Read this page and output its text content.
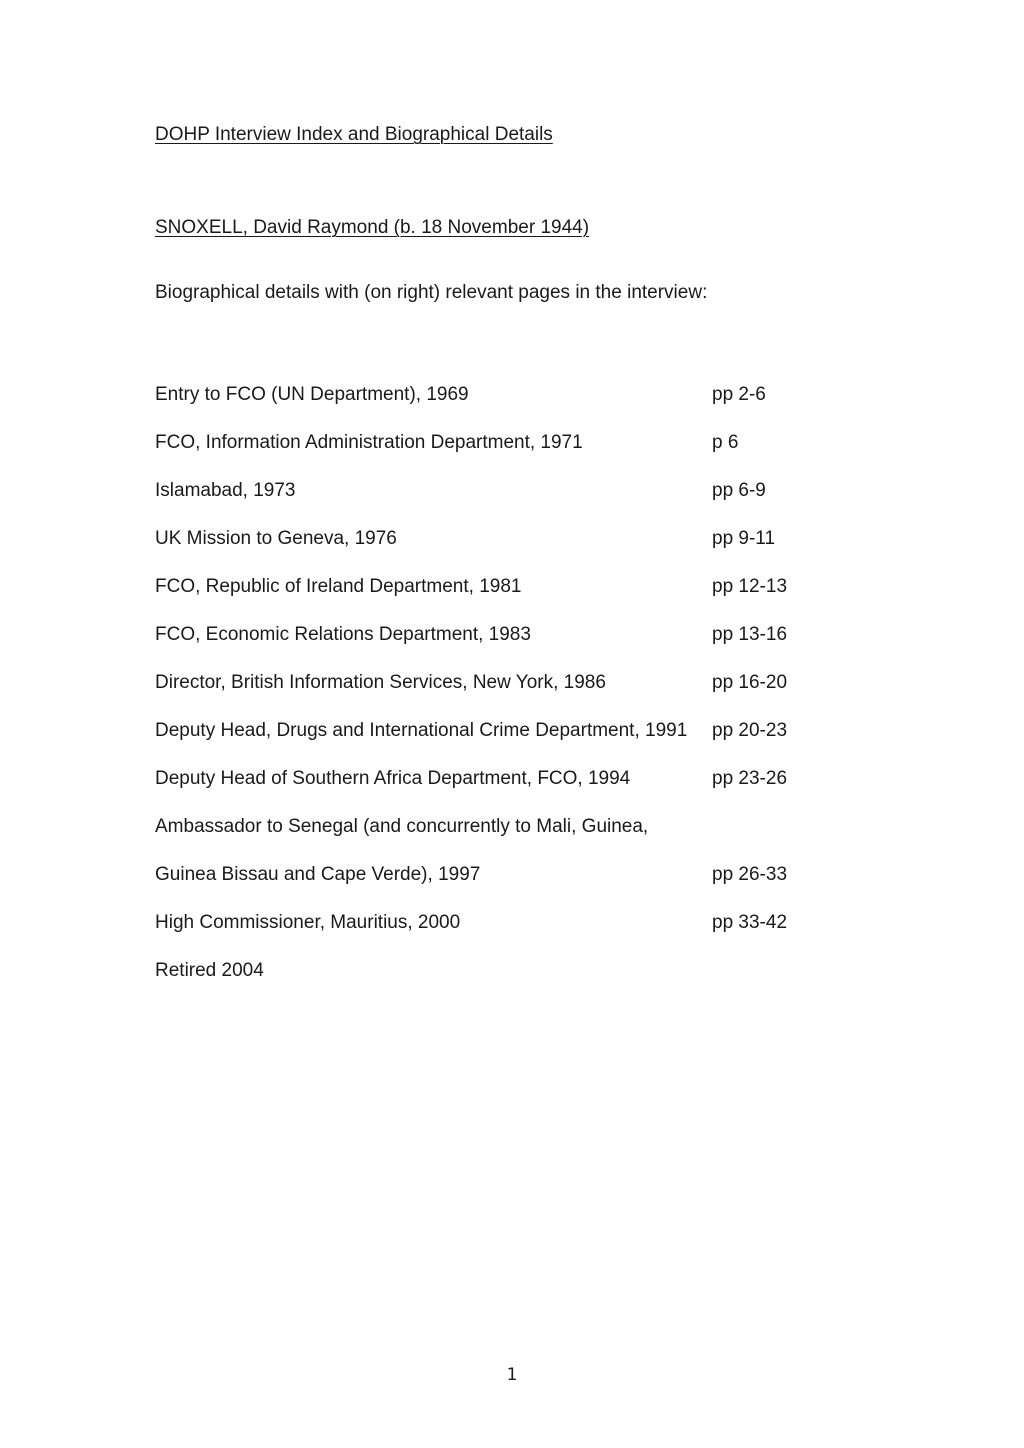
DOHP Interview Index and Biographical Details
SNOXELL, David Raymond (b. 18 November 1944)
Biographical details with (on right) relevant pages in the interview:
Entry to FCO (UN Department), 1969	pp 2-6
FCO, Information Administration Department, 1971	p 6
Islamabad, 1973	pp 6-9
UK Mission to Geneva, 1976	pp 9-11
FCO, Republic of Ireland Department, 1981	pp 12-13
FCO, Economic Relations Department, 1983	pp 13-16
Director, British Information Services, New York, 1986	pp 16-20
Deputy Head, Drugs and International Crime Department, 1991 pp 20-23
Deputy Head of Southern Africa Department, FCO, 1994	pp 23-26
Ambassador to Senegal (and concurrently to Mali, Guinea,
Guinea Bissau and Cape Verde), 1997	pp 26-33
High Commissioner, Mauritius, 2000	pp 33-42
Retired 2004
1
